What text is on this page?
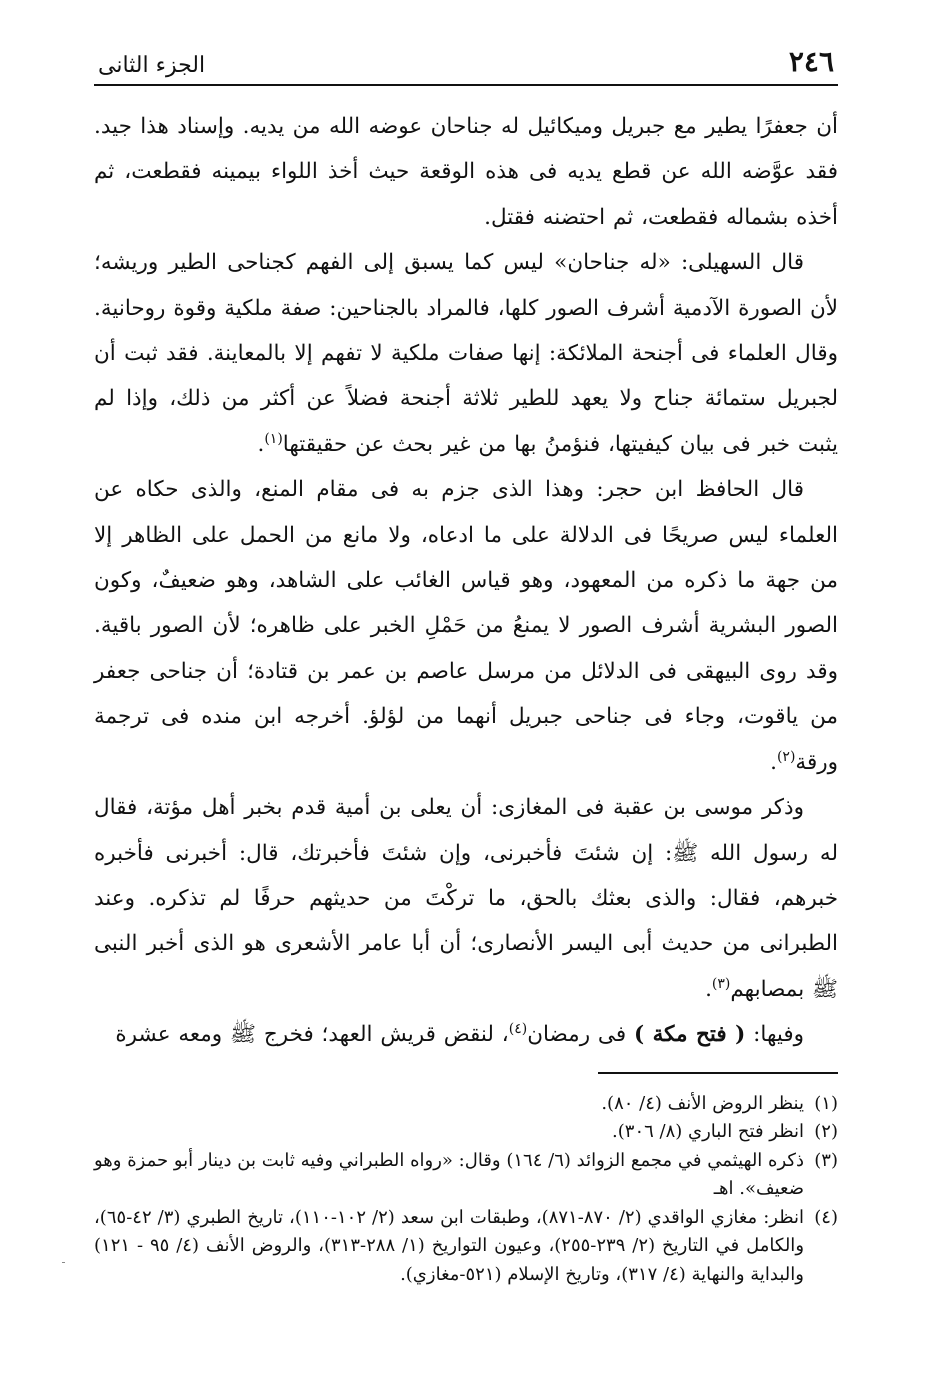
٢٤٦
الجزء الثانى

أن جعفرًا يطير مع جبريل وميكائيل له جناحان عوضه الله من يديه. وإسناد هذا جيد. فقد عوَّضه الله عن قطع يديه فى هذه الوقعة حيث أخذ اللواء بيمينه فقطعت، ثم أخذه بشماله فقطعت، ثم احتضنه فقتل.

قال السهيلى: «له جناحان» ليس كما يسبق إلى الفهم كجناحى الطير وريشه؛ لأن الصورة الآدمية أشرف الصور كلها، فالمراد بالجناحين: صفة ملكية وقوة روحانية. وقال العلماء فى أجنحة الملائكة: إنها صفات ملكية لا تفهم إلا بالمعاينة. فقد ثبت أن لجبريل ستمائة جناح ولا يعهد للطير ثلاثة أجنحة فضلاً عن أكثر من ذلك، وإذا لم يثبت خبر فى بيان كيفيتها، فنؤمنُ بها من غير بحث عن حقيقتها$^{(١)}$.

قال الحافظ ابن حجر: وهذا الذى جزم به فى مقام المنع، والذى حكاه عن العلماء ليس صريحًا فى الدلالة على ما ادعاه، ولا مانع من الحمل على الظاهر إلا من جهة ما ذكره من المعهود، وهو قياس الغائب على الشاهد، وهو ضعيفٌ، وكون الصور البشرية أشرف الصور لا يمنعُ من حَمْلِ الخبر على ظاهره؛ لأن الصور باقية. وقد روى البيهقى فى الدلائل من مرسل عاصم بن عمر بن قتادة؛ أن جناحى جعفر من ياقوت، وجاء فى جناحى جبريل أنهما من لؤلؤ. أخرجه ابن منده فى ترجمة ورقة$^{(٢)}$.

وذكر موسى بن عقبة فى المغازى: أن يعلى بن أمية قدم بخبر أهل مؤتة، فقال له رسول الله ﷺ: إن شئتَ فأخبرنى، وإن شئتَ فأخبرتك، قال: أخبرنى فأخبره خبرهم، فقال: والذى بعثك بالحق، ما تركْتَ من حديثهم حرفًا لم تذكره. وعند الطبرانى من حديث أبى اليسر الأنصارى؛ أن أبا عامر الأشعرى هو الذى أخبر النبى ﷺ بمصابهم$^{(٣)}$.

وفيها: ( فتح مكة ) فى رمضان$^{(٤)}$، لنقض قريش العهد؛ فخرج ﷺ ومعه عشرة

(١)
ينظر الروض الأنف (٤/ ٨٠).
(٢)
انظر فتح الباري (٨/ ٣٠٦).
(٣)
ذكره الهيثمي في مجمع الزوائد (٦/ ١٦٤) وقال: «رواه الطبراني وفيه ثابت بن دينار أبو حمزة وهو ضعيف». اهـ
(٤)
انظر: مغازي الواقدي (٢/ ٨٧٠-٨٧١)، وطبقات ابن سعد (٢/ ١٠٢-١١٠)، تاريخ الطبري (٣/ ٤٢-٦٥)، والكامل في التاريخ (٢/ ٢٣٩-٢٥٥)، وعيون التواريخ (١/ ٢٨٨-٣١٣)، والروض الأنف (٤/ ٩٥ - ١٢١) والبداية والنهاية (٤/ ٣١٧)، وتاريخ الإسلام (٥٢١-مغازي).
